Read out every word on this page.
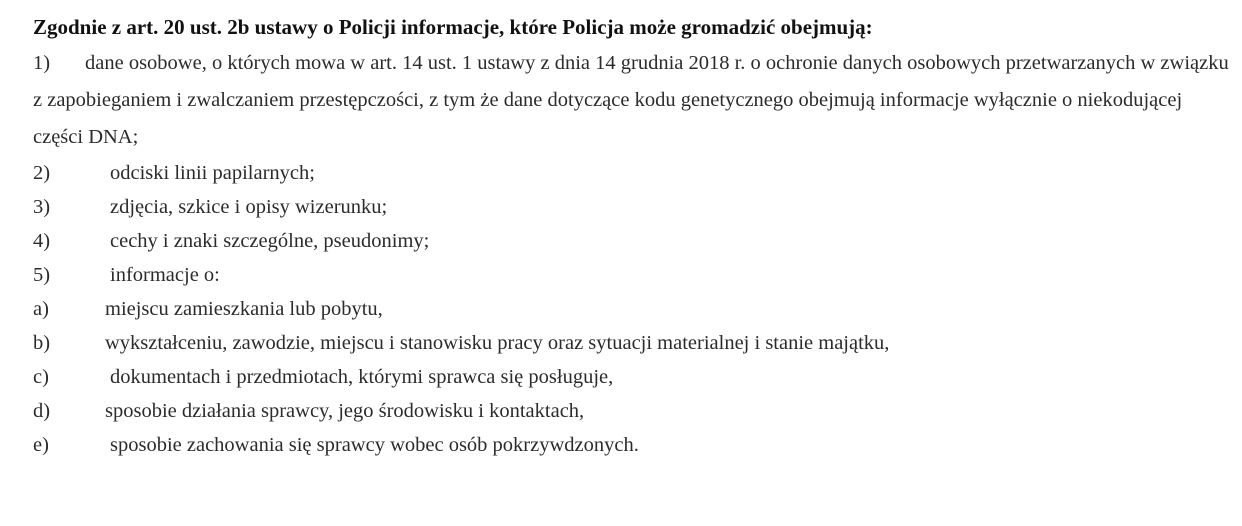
Zgodnie z art. 20 ust. 2b ustawy o Policji informacje, które Policja może gromadzić obejmują:
1) dane osobowe, o których mowa w art. 14 ust. 1 ustawy z dnia 14 grudnia 2018 r. o ochronie danych osobowych przetwarzanych w związku z zapobieganiem i zwalczaniem przestępczości, z tym że dane dotyczące kodu genetycznego obejmują informacje wyłącznie o niekodującej części DNA;
2)	odciski linii papilarnych;
3)	zdjęcia, szkice i opisy wizerunku;
4)	cechy i znaki szczególne, pseudonimy;
5)	informacje o:
a)	miejscu zamieszkania lub pobytu,
b)	wykształceniu, zawodzie, miejscu i stanowisku pracy oraz sytuacji materialnej i stanie majątku,
c)	dokumentach i przedmiotach, którymi sprawca się posługuje,
d)	sposobie działania sprawcy, jego środowisku i kontaktach,
e)	sposobie zachowania się sprawcy wobec osób pokrzywdzonych.
